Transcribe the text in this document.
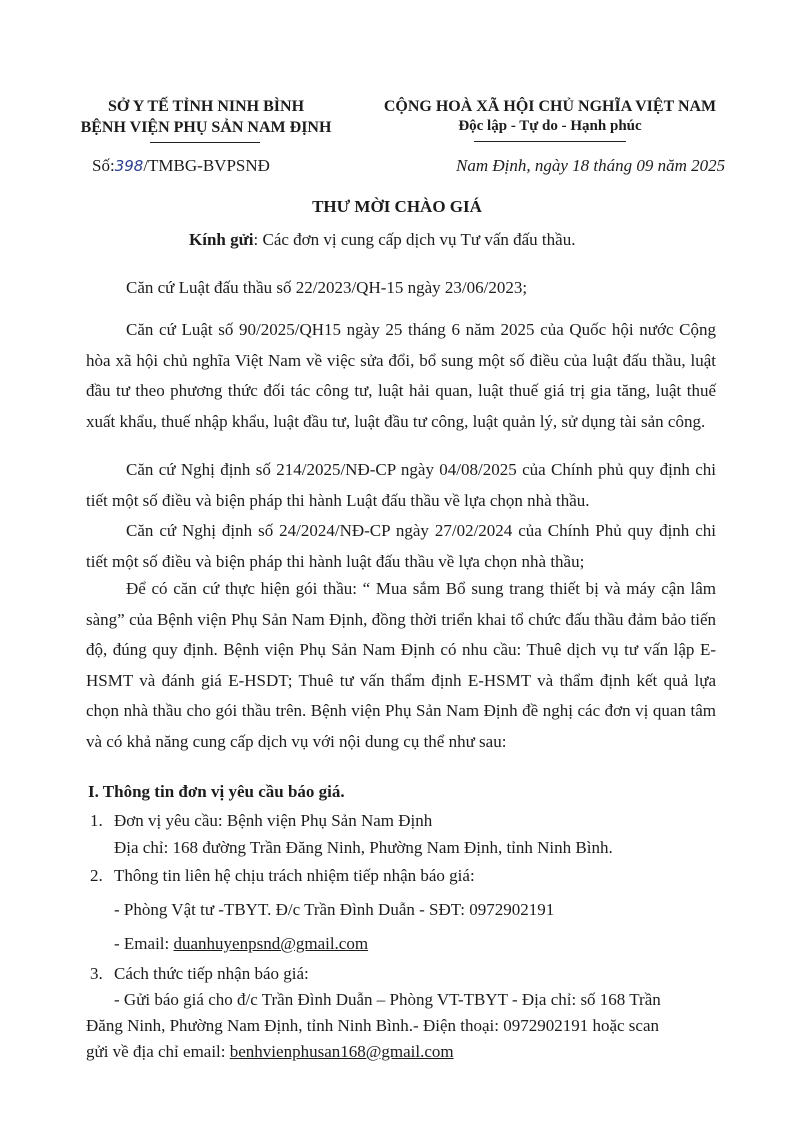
SỞ Y TẾ TỈNH NINH BÌNH
BỆNH VIỆN PHỤ SẢN NAM ĐỊNH
CỘNG HOÀ XÃ HỘI CHỦ NGHĨA VIỆT NAM
Độc lập - Tự do - Hạnh phúc
Số:398/TMBG-BVPSNĐ	Nam Định, ngày 18 tháng 09 năm 2025
THƯ MỜI CHÀO GIÁ
Kính gửi: Các đơn vị cung cấp dịch vụ Tư vấn đấu thầu.
Căn cứ Luật đấu thầu số 22/2023/QH-15 ngày 23/06/2023;
Căn cứ Luật số 90/2025/QH15 ngày 25 tháng 6 năm 2025 của Quốc hội nước Cộng hòa xã hội chủ nghĩa Việt Nam về việc sửa đổi, bổ sung một số điều của luật đấu thầu, luật đầu tư theo phương thức đối tác công tư, luật hải quan, luật thuế giá trị gia tăng, luật thuế xuất khẩu, thuế nhập khẩu, luật đầu tư, luật đầu tư công, luật quản lý, sử dụng tài sản công.
Căn cứ Nghị định số 214/2025/NĐ-CP ngày 04/08/2025 của Chính phủ quy định chi tiết một số điều và biện pháp thi hành Luật đấu thầu về lựa chọn nhà thầu.
Căn cứ Nghị định số 24/2024/NĐ-CP ngày 27/02/2024 của Chính Phủ quy định chi tiết một số điều và biện pháp thi hành luật đấu thầu về lựa chọn nhà thầu;
Để có căn cứ thực hiện gói thầu: “ Mua sắm Bổ sung trang thiết bị và máy cận lâm sàng” của Bệnh viện Phụ Sản Nam Định, đồng thời triển khai tổ chức đấu thầu đảm bảo tiến độ, đúng quy định. Bệnh viện Phụ Sản Nam Định có nhu cầu: Thuê dịch vụ tư vấn lập E-HSMT và đánh giá E-HSDT; Thuê tư vấn thẩm định E-HSMT và thẩm định kết quả lựa chọn nhà thầu cho gói thầu trên. Bệnh viện Phụ Sản Nam Định đề nghị các đơn vị quan tâm và có khả năng cung cấp dịch vụ với nội dung cụ thể như sau:
I. Thông tin đơn vị yêu cầu báo giá.
1. Đơn vị yêu cầu: Bệnh viện Phụ Sản Nam Định
Địa chỉ: 168 đường Trần Đăng Ninh, Phường Nam Định, tỉnh Ninh Bình.
2. Thông tin liên hệ chịu trách nhiệm tiếp nhận báo giá:
- Phòng Vật tư -TBYT. Đ/c Trần Đình Duẫn - SĐT: 0972902191
- Email: duanhuyenpsnd@gmail.com
3. Cách thức tiếp nhận báo giá:
- Gửi báo giá cho đ/c Trần Đình Duẫn – Phòng VT-TBYT - Địa chỉ: số 168 Trần
Đăng Ninh, Phường Nam Định, tỉnh Ninh Bình.- Điện thoại: 0972902191 hoặc scan
gửi về địa chỉ email: benhvienphusan168@gmail.com
